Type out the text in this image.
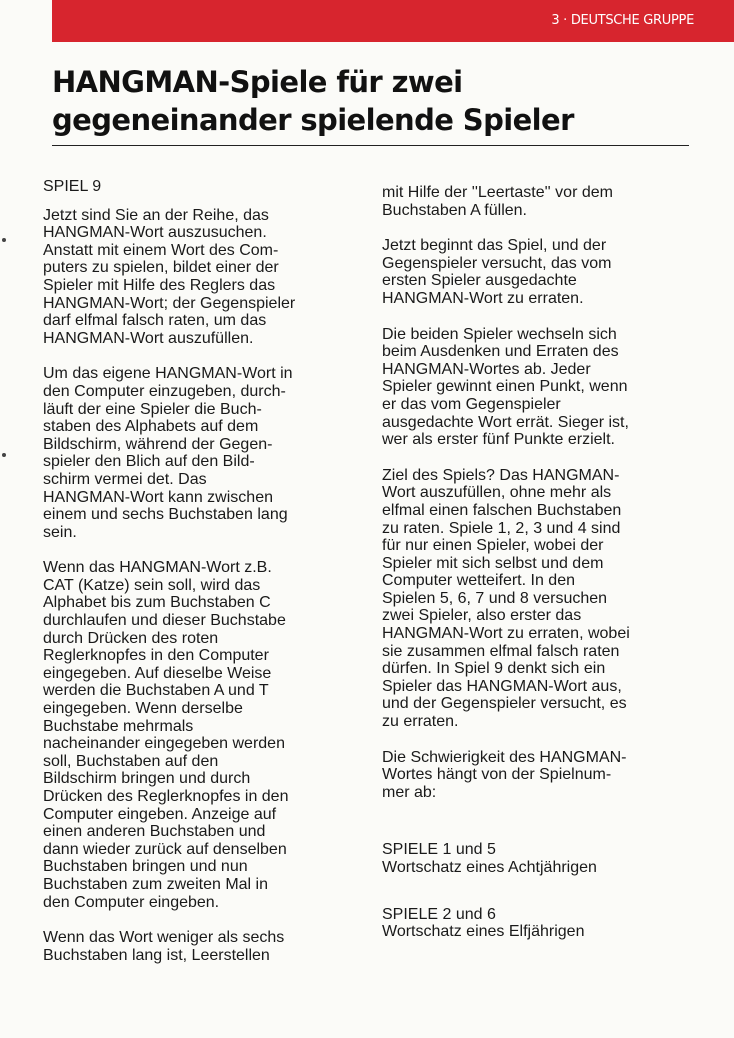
3 · DEUTSCHE GRUPPE
HANGMAN-Spiele für zwei
gegeneinander spielende Spieler
SPIEL 9

Jetzt sind Sie an der Reihe, das
HANGMAN-Wort auszusuchen.
Anstatt mit einem Wort des Com-
puters zu spielen, bildet einer der
Spieler mit Hilfe des Reglers das
HANGMAN-Wort; der Gegenspieler
darf elfmal falsch raten, um das
HANGMAN-Wort auszufüllen.

Um das eigene HANGMAN-Wort in
den Computer einzugeben, durch-
läuft der eine Spieler die Buch-
staben des Alphabets auf dem
Bildschirm, während der Gegen-
spieler den Blich auf den Bild-
schirm vermei det. Das
HANGMAN-Wort kann zwischen
einem und sechs Buchstaben lang
sein.

Wenn das HANGMAN-Wort z.B.
CAT (Katze) sein soll, wird das
Alphabet bis zum Buchstaben C
durchlaufen und dieser Buchstabe
durch Drücken des roten
Reglerknopfes in den Computer
eingegeben. Auf dieselbe Weise
werden die Buchstaben A und T
eingegeben. Wenn derselbe
Buchstabe mehrmals
nacheinander eingegeben werden
soll, Buchstaben auf den
Bildschirm bringen und durch
Drücken des Reglerknopfes in den
Computer eingeben. Anzeige auf
einen anderen Buchstaben und
dann wieder zurück auf denselben
Buchstaben bringen und nun
Buchstaben zum zweiten Mal in
den Computer eingeben.

Wenn das Wort weniger als sechs
Buchstaben lang ist, Leerstellen

mit Hilfe der ''Leertaste'' vor dem
Buchstaben A füllen.

Jetzt beginnt das Spiel, und der
Gegenspieler versucht, das vom
ersten Spieler ausgedachte
HANGMAN-Wort zu erraten.

Die beiden Spieler wechseln sich
beim Ausdenken und Erraten des
HANGMAN-Wortes ab. Jeder
Spieler gewinnt einen Punkt, wenn
er das vom Gegenspieler
ausgedachte Wort errät. Sieger ist,
wer als erster fünf Punkte erzielt.

Ziel des Spiels? Das HANGMAN-
Wort auszufüllen, ohne mehr als
elfmal einen falschen Buchstaben
zu raten. Spiele 1, 2, 3 und 4 sind
für nur einen Spieler, wobei der
Spieler mit sich selbst und dem
Computer wetteifert. In den
Spielen 5, 6, 7 und 8 versuchen
zwei Spieler, also erster das
HANGMAN-Wort zu erraten, wobei
sie zusammen elfmal falsch raten
dürfen. In Spiel 9 denkt sich ein
Spieler das HANGMAN-Wort aus,
und der Gegenspieler versucht, es
zu erraten.

Die Schwierigkeit des HANGMAN-
Wortes hängt von der Spielnum-
mer ab:

SPIELE 1 und 5

Wortschatz eines Achtjährigen

SPIELE 2 und 6

Wortschatz eines Elfjährigen
